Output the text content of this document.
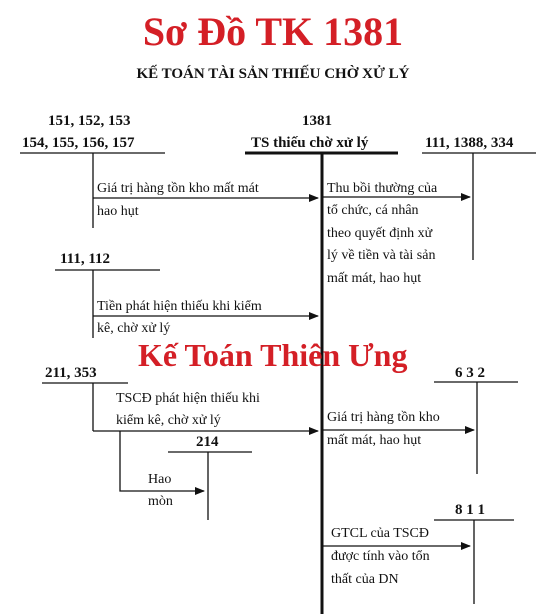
Sơ Đồ TK 1381
KẾ TOÁN TÀI SẢN THIẾU CHỜ XỬ LÝ
151, 152, 153
154, 155, 156, 157
1381
TS thiếu chờ xử lý	111, 1388, 334
111, 112
211, 353
214
6 3 2
8 1 1
Giá trị hàng tồn kho mất mát
hao hụt
Tiền phát hiện thiếu khi kiểm
kê, chờ xử lý
TSCĐ phát hiện thiếu khi
kiểm kê, chờ xử lý
Hao
mòn
Thu bồi thường của
tổ chức, cá nhân
theo quyết định xử
lý về tiền và tài sản
mất mát, hao hụt
Giá trị hàng tồn kho
mất mát, hao hụt
GTCL của TSCĐ
được tính vào tổn
thất của DN
Kế Toán Thiên Ưng
